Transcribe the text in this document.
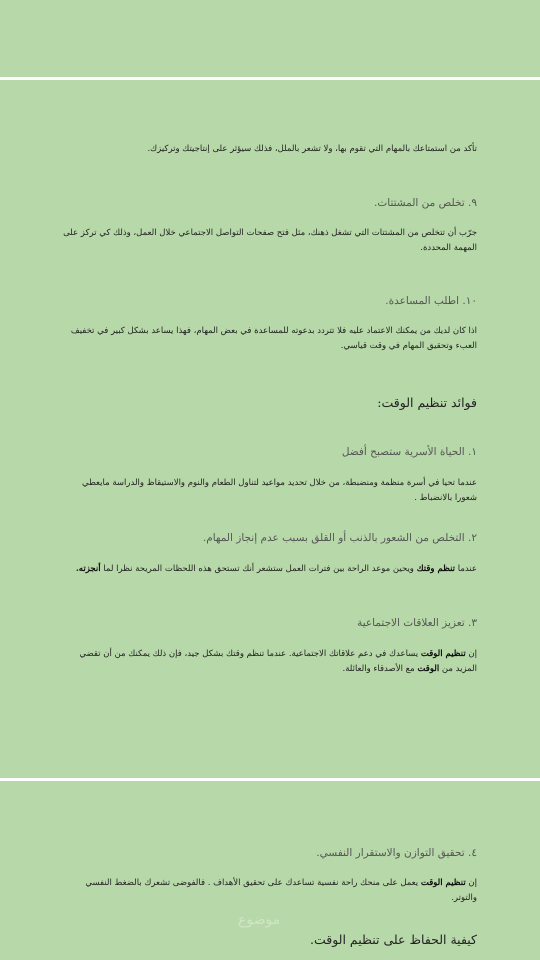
تأكد من استمتاعك بالمهام التي تقوم بها، ولا تشعر بالملل، فذلك سيؤثر على إنتاجيتك وتركيزك.
٩. تخلص من المشتتات.
جرّب أن تتخلص من المشتتات التي تشغل ذهنك، مثل فتح صفحات التواصل الاجتماعي خلال العمل، وذلك كي تركز على المهمة المحددة.
١٠. اطلب المساعدة.
اذا كان لديك من يمكنك الاعتماد عليه فلا تتردد بدعوته للمساعدة في بعض المهام، فهذا يساعد بشكل كبير في تخفيف العبء وتحقيق المهام في وقت قياسي.
فوائد تنظيم الوقت:
١. الحياة الأسرية ستصبح أفضل
عندما تحيا في أسرة منظمة ومنضبطة، من خلال تحديد مواعيد لتناول الطعام والنوم والاستيقاظ والدراسة مايعطي شعورا بالانضباط .
٢. التخلص من الشعور بالذنب أو القلق بسبب عدم إنجاز المهام.
عندما تنظم وقتك ويحين موعد الراحة بين فترات العمل ستشعر أنك تستحق هذه اللحظات المريحة نظرا لما أنجزته.
٣. تعزيز العلاقات الاجتماعية
إن تنظيم الوقت يساعدك في دعم علاقاتك الاجتماعية. عندما تنظم وقتك بشكل جيد، فإن ذلك يمكنك من أن تقضي المزيد من الوقت مع الأصدقاء والعائلة.
٤. تحقيق التوازن والاستقرار النفسي.
إن تنظيم الوقت يعمل على منحك راحة نفسية تساعدك على تحقيق الأهداف . فالفوضى تشعرك بالضغط النفسي والتوتر.
موضوع
كيفية الحفاظ على تنظيم الوقت.
